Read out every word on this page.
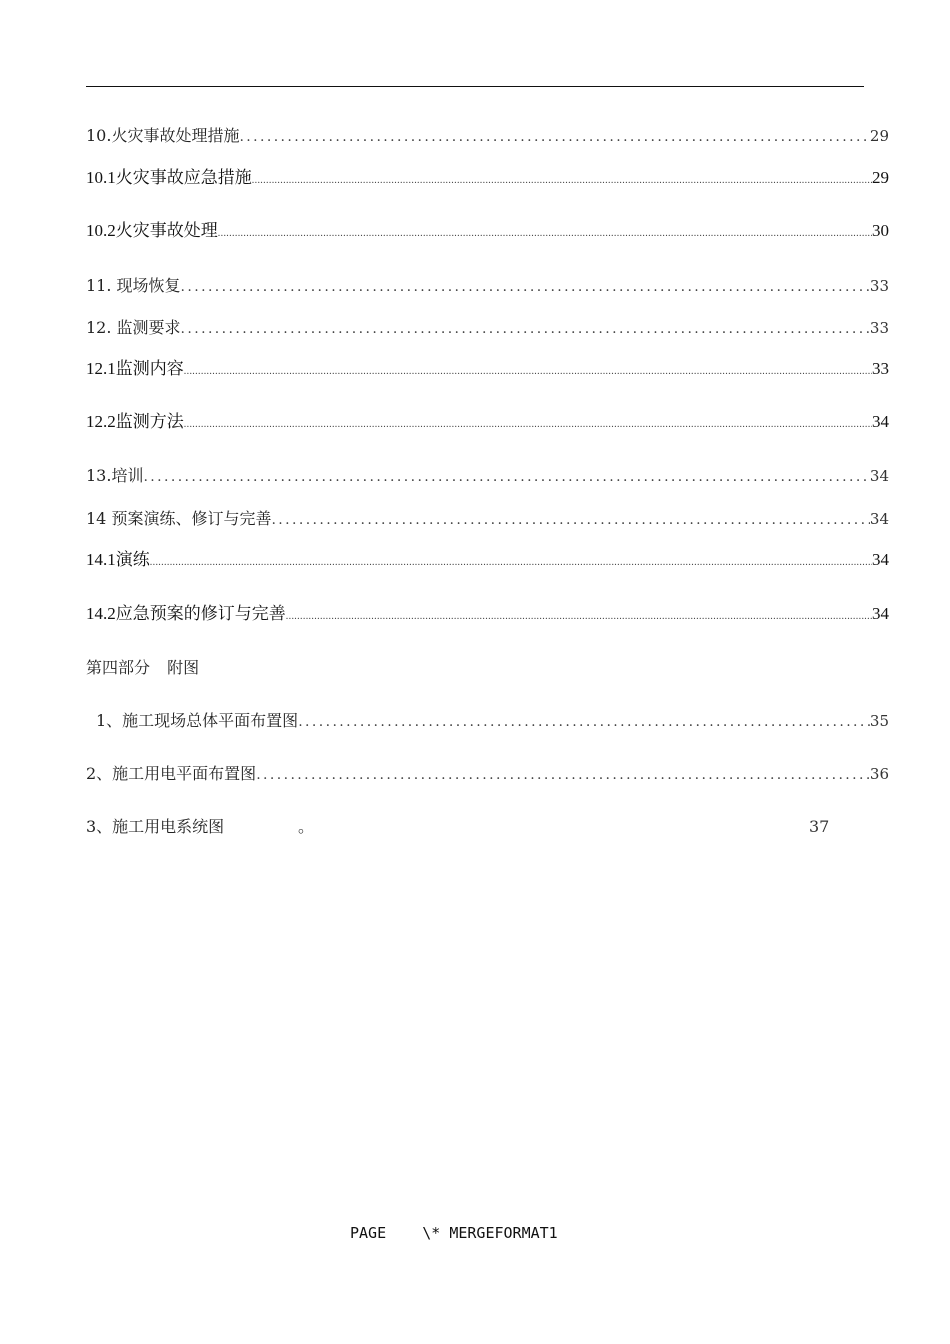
10.火灾事故处理措施 .....	29
10.1火灾事故应急措施 .....	29
10.2火灾事故处理 .....	30
11. 现场恢复 .....	33
12. 监测要求 .....	33
12.1监测内容 .....	33
12.2监测方法 .....	34
13.培训 .....	34
14 预案演练、修订与完善 .....	34
14.1演练 .....	34
14.2应急预案的修订与完善 .....	34
第四部分 附图
1、施工现场总体平面布置图 .....	35
2、施工用电平面布置图 .....	36
3、施工用电系统图	。	37
PAGE    \* MERGEFORMAT1
